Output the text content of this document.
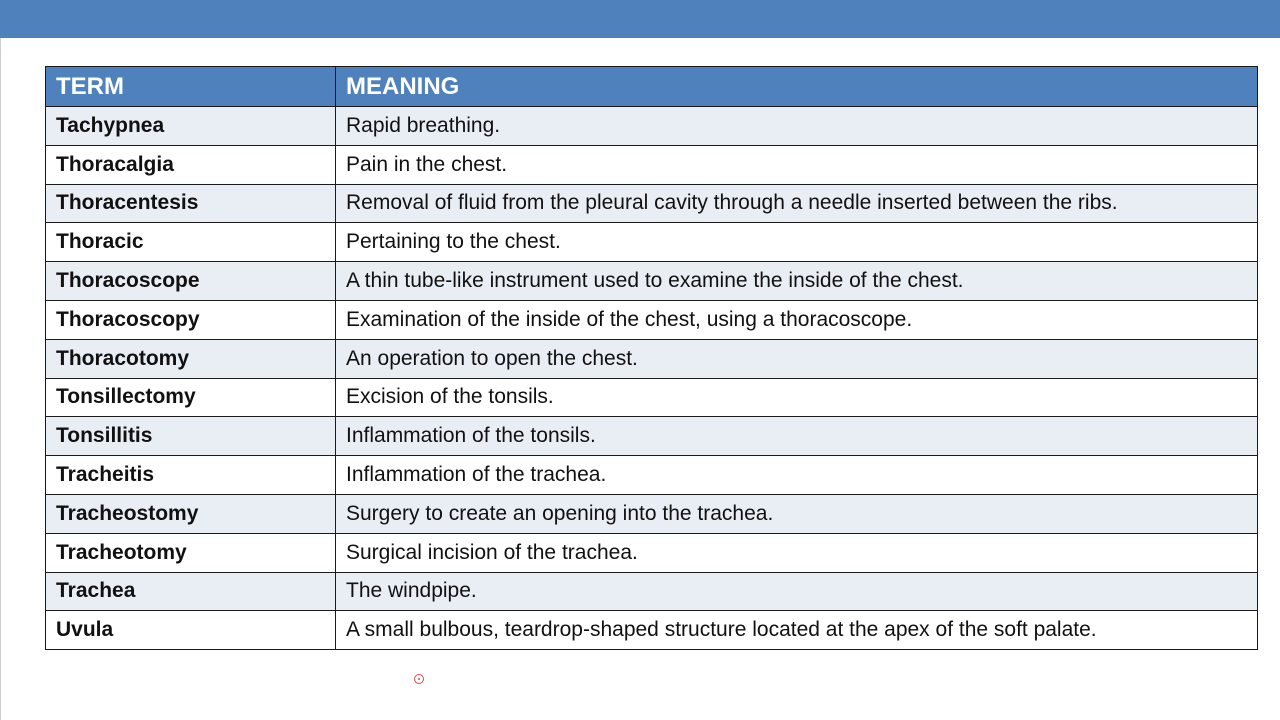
TERM	MEANING
Tachypnea	Rapid breathing.
Thoracalgia	Pain in the chest.
Thoracentesis	Removal of fluid from the pleural cavity through a needle inserted between the ribs.
Thoracic	Pertaining to the chest.
Thoracoscope	A thin tube-like instrument used to examine the inside of the chest.
Thoracoscopy	Examination of the inside of the chest, using a thoracoscope.
Thoracotomy	An operation to open the chest.
Tonsillectomy	Excision of the tonsils.
Tonsillitis	Inflammation of the tonsils.
Tracheitis	Inflammation of the trachea.
Tracheostomy	Surgery to create an opening into the trachea.
Tracheotomy	Surgical incision of the trachea.
Trachea	The windpipe.
Uvula	A small bulbous, teardrop-shaped structure located at the apex of the soft palate.
